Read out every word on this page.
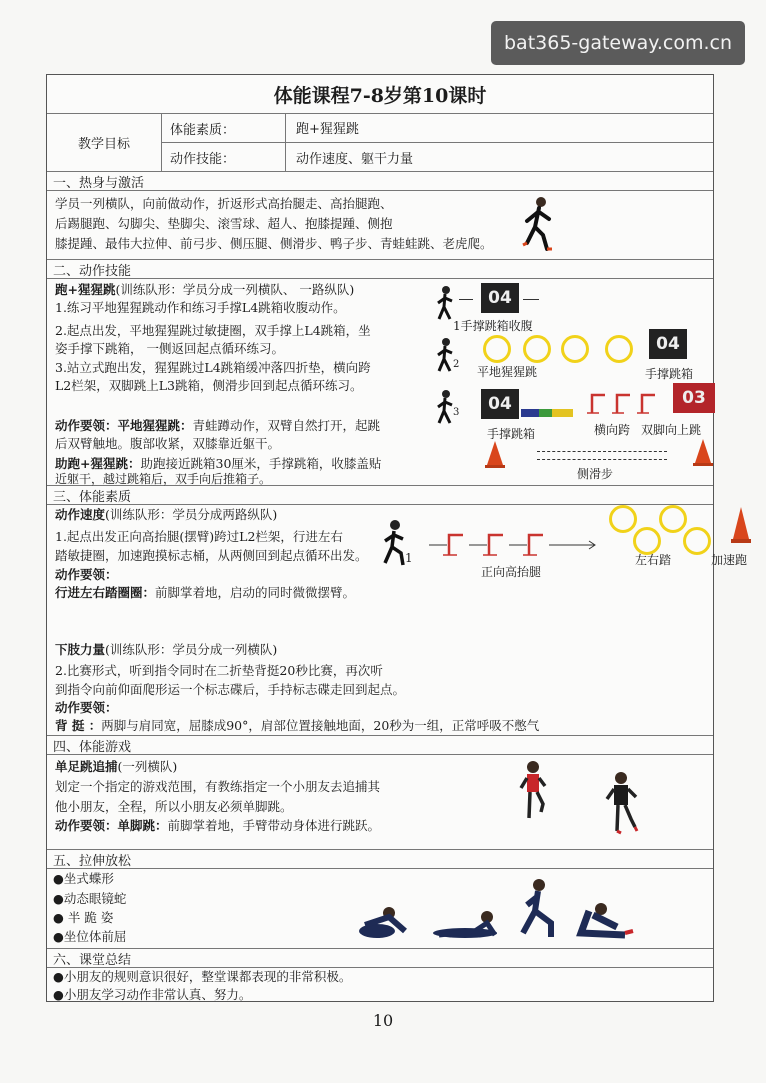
bat365-gateway.com.cn
体能课程7-8岁第10课时
教学目标
体能素质：	跑+猩猩跳
动作技能：	动作速度、躯干力量
一、热身与激活
学员一列横队，向前做动作，折返形式高抬腿走、高抬腿跑、
后踢腿跑、勾脚尖、垫脚尖、滚雪球、超人、抱膝提踵、侧抱
膝提踵、最伟大拉伸、前弓步、侧压腿、侧滑步、鸭子步、青蛙蛙跳、老虎爬。
二、动作技能
跑+猩猩跳(训练队形：学员分成一列横队、 一路纵队)
1.练习平地猩猩跳动作和练习手撑L4跳箱收腹动作。
2.起点出发，平地猩猩跳过敏捷圈，双手撑上L4跳箱，坐
姿手撑下跳箱， 一侧返回起点循环练习。
3.站立式跑出发，猩猩跳过L4跳箱缓冲落四折垫，横向跨
L2栏架，双脚跳上L3跳箱，侧滑步回到起点循环练习。
动作要领：平地猩猩跳：青蛙蹲动作，双臂自然打开，起跳
后双臂触地。腹部收紧，双膝靠近躯干。
助跑+猩猩跳：助跑接近跳箱30厘米，手撑跳箱，收膝盖贴
近躯干，越过跳箱后，双手向后推箱子。
04
1手撑跳箱收腹
2
04
平地猩猩跳	手撑跳箱
3	04	03
手撑跳箱	横向跨 双脚向上跳
侧滑步
三、体能素质
动作速度(训练队形：学员分成两路纵队)
1.起点出发正向高抬腿(摆臂)跨过L2栏架，行进左右
踏敏捷圈，加速跑摸标志桶，从两侧回到起点循环出发。
动作要领：
行进左右踏圈圈：前脚掌着地，启动的同时微微摆臂。
下肢力量(训练队形：学员分成一列横队)
2.比赛形式，听到指令同时在二折垫背挺20秒比赛，再次听
到指令向前仰面爬形运一个标志碟后，手持标志碟走回到起点。
动作要领：
背 挺 ：两脚与肩同宽，屈膝成90°，肩部位置接触地面，20秒为一组，正常呼吸不憋气
1
正向高抬腿
左右踏	加速跑
四、体能游戏
单足跳追捕(一列横队)
划定一个指定的游戏范围，有教练指定一个小朋友去追捕其
他小朋友，全程，所以小朋友必须单脚跳。
动作要领：单脚跳：前脚掌着地，手臂带动身体进行跳跃。
五、拉伸放松
●坐式蝶形
●动态眼镜蛇
● 半 跪 姿
●坐位体前屈
六、课堂总结
●小朋友的规则意识很好，整堂课都表现的非常积极。
●小朋友学习动作非常认真、努力。
10
